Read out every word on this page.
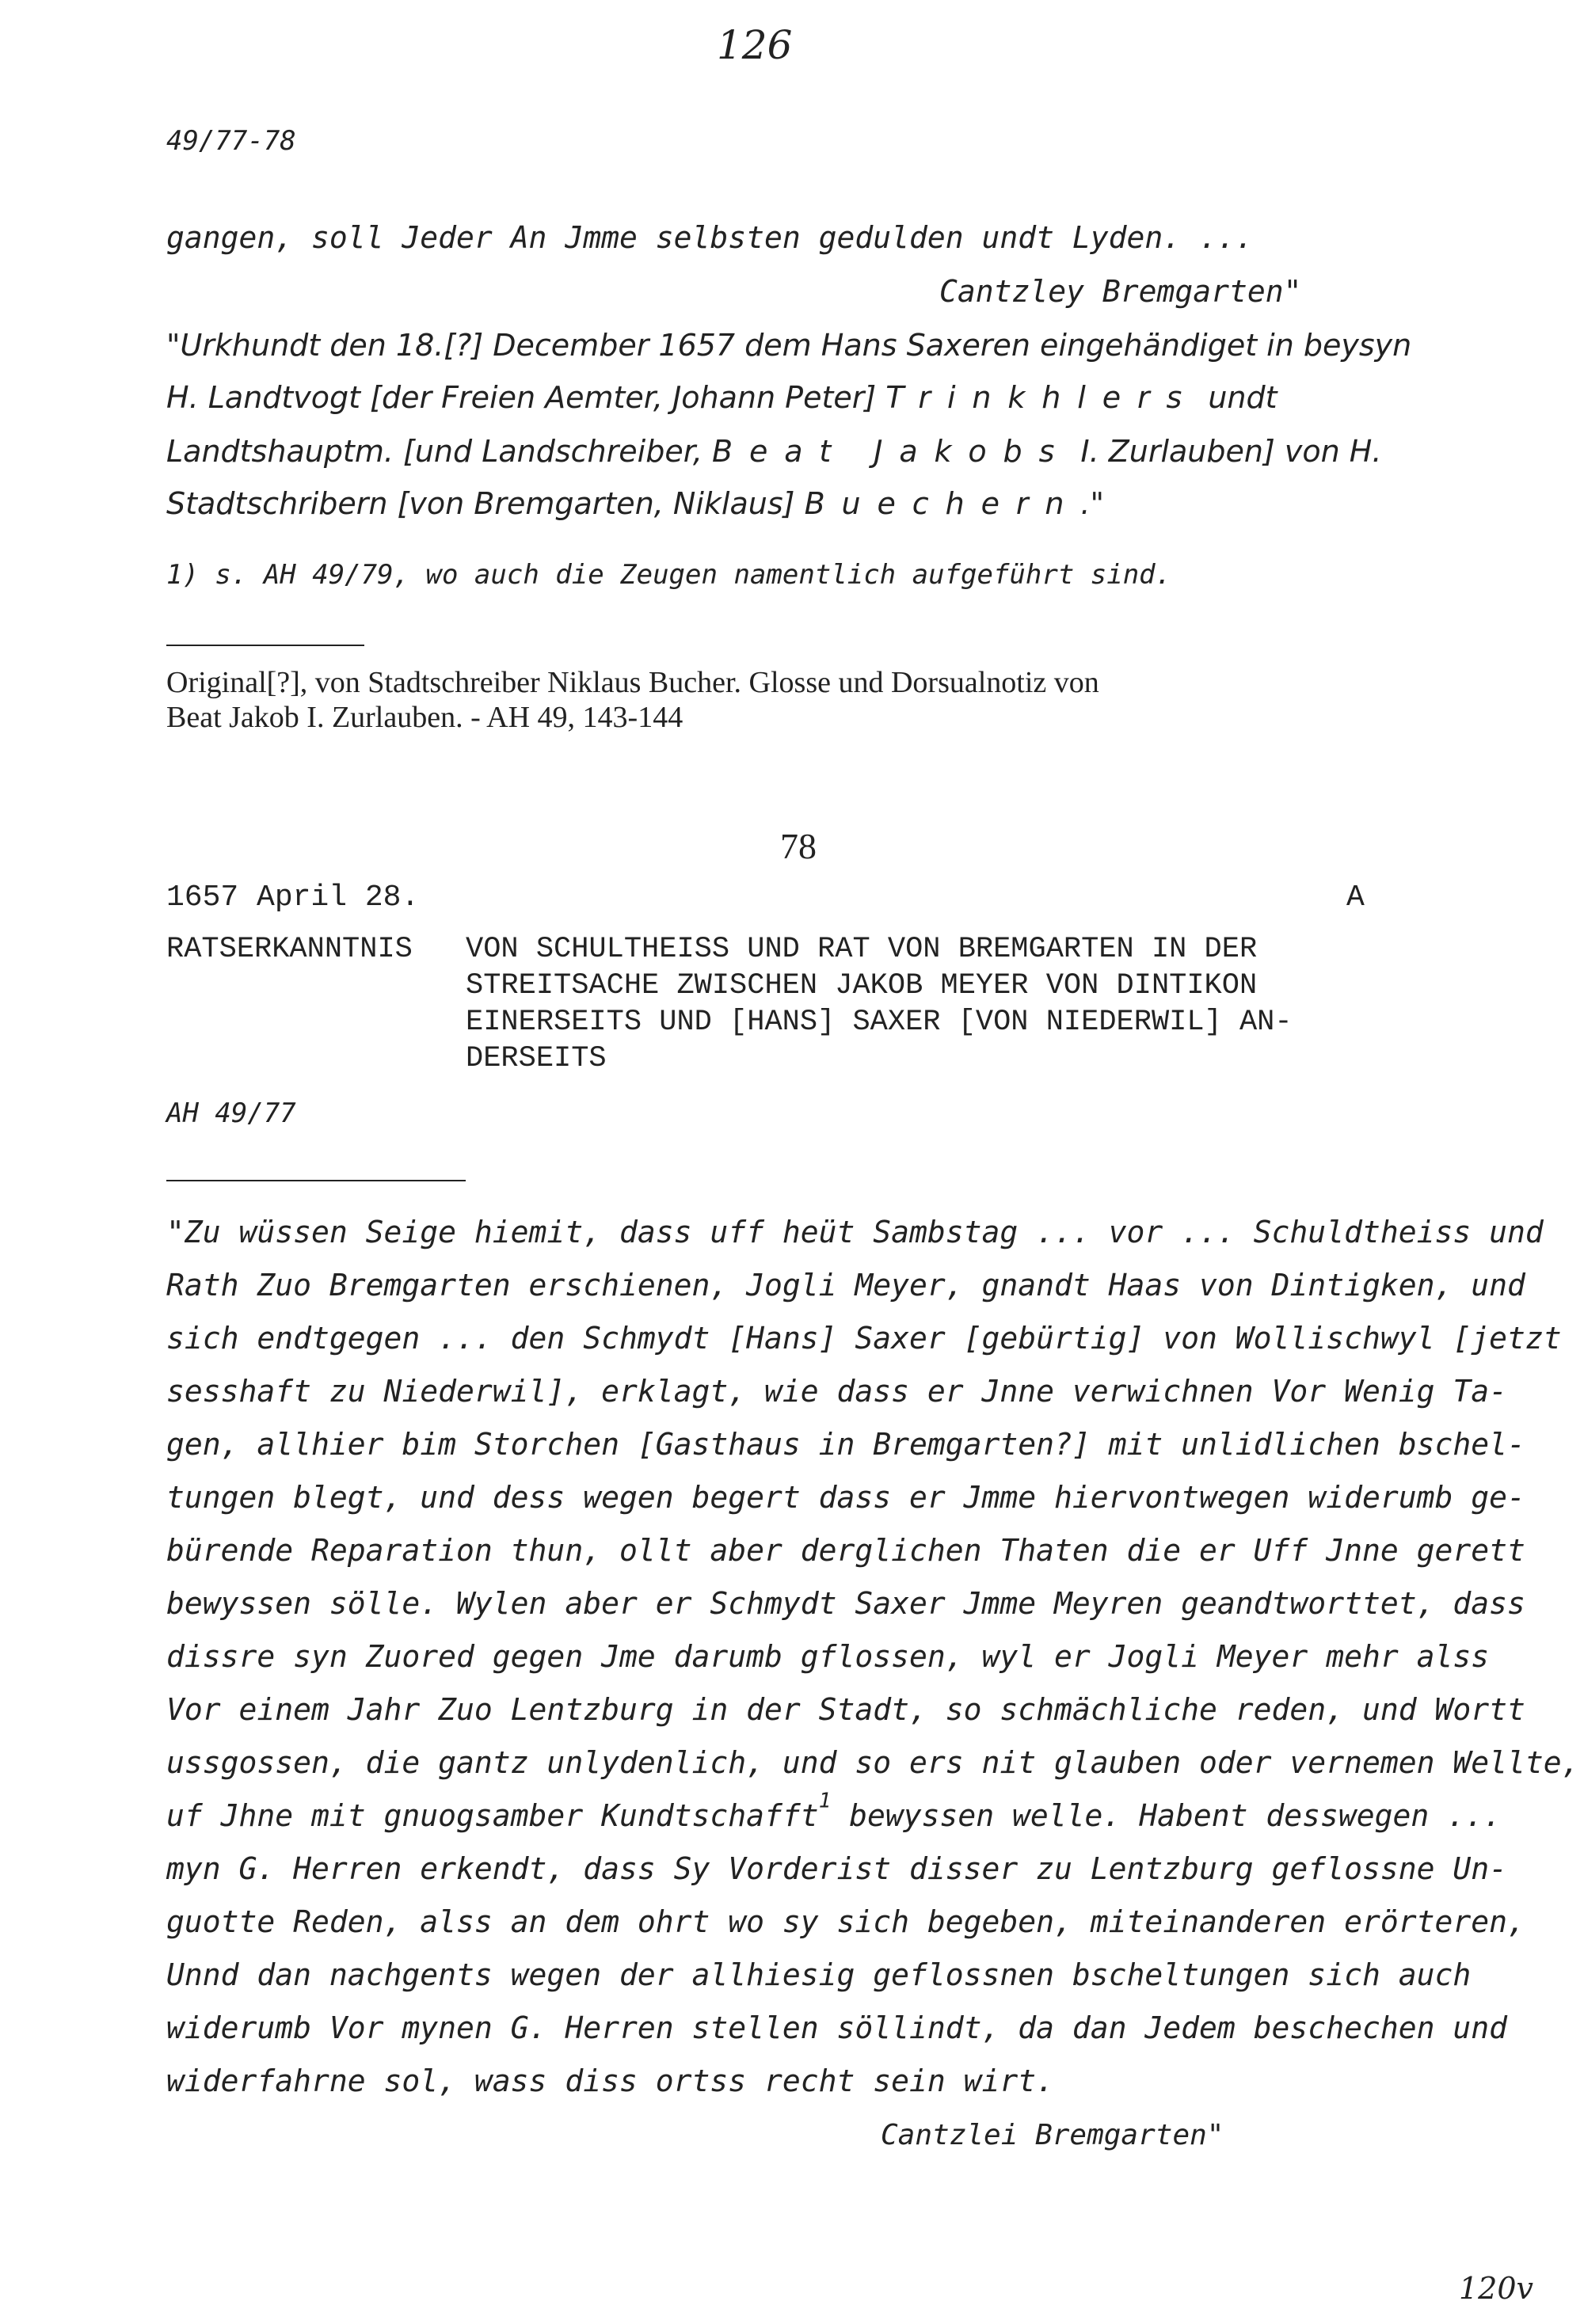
126
49/77-78
gangen, soll Jeder An Jmme selbsten gedulden undt Lyden. ...
Cantzley Bremgarten"
"Urkhundt den 18.[?] December 1657 dem Hans Saxeren eingehändiget in beysyn
H. Landtvogt [der Freien Aemter, Johann Peter] Trinkhlers undt
Landtshauptm. [und Landschreiber, Beat Jakobs I. Zurlauben] von H.
Stadtschribern [von Bremgarten, Niklaus] Buechern."
1) s. AH 49/79, wo auch die Zeugen namentlich aufgeführt sind.
Original[?], von Stadtschreiber Niklaus Bucher. Glosse und Dorsualnotiz von
Beat Jakob I. Zurlauben. - AH 49, 143-144
78
1657 April 28.	A
RATSERKANNTNIS VON SCHULTHEISS UND RAT VON BREMGARTEN IN DER
STREITSACHE ZWISCHEN JAKOB MEYER VON DINTIKON
EINERSEITS UND [HANS] SAXER [VON NIEDERWIL] AN-
DERSEITS
AH 49/77
"Zu wüssen Seige hiemit, dass uff heüt Sambstag ... vor ... Schuldtheiss und
Rath Zuo Bremgarten erschienen, Jogli Meyer, gnandt Haas von Dintigken, und
sich endtgegen ... den Schmydt [Hans] Saxer [gebürtig] von Wollischwyl [jetzt
sesshaft zu Niederwil], erklagt, wie dass er Jnne verwichnen Vor Wenig Ta-
gen, allhier bim Storchen [Gasthaus in Bremgarten?] mit unlidlichen bschel-
tungen blegt, und dess wegen begert dass er Jmme hiervontwegen widerumb ge-
bürende Reparation thun, ollt aber derglichen Thaten die er Uff Jnne gerett
bewyssen sölle. Wylen aber er Schmydt Saxer Jmme Meyren geandtworttet, dass
dissre syn Zuored gegen Jme darumb gflossen, wyl er Jogli Meyer mehr alss
Vor einem Jahr Zuo Lentzburg in der Stadt, so schmächliche reden, und Wortt
ussgossen, die gantz unlydenlich, und so ers nit glauben oder vernemen Wellte,
uf Jhne mit gnuogsamber Kundtschafft$^1$ bewyssen welle. Habent desswegen ...
myn G. Herren erkendt, dass Sy Vorderist disser zu Lentzburg geflossne Un-
guotte Reden, alss an dem ohrt wo sy sich begeben, miteinanderen erörteren,
Unnd dan nachgents wegen der allhiesig geflossnen bscheltungen sich auch
widerumb Vor mynen G. Herren stellen söllindt, da dan Jedem beschechen und
widerfahrne sol, wass diss ortss recht sein wirt.
Cantzlei Bremgarten"
120v
